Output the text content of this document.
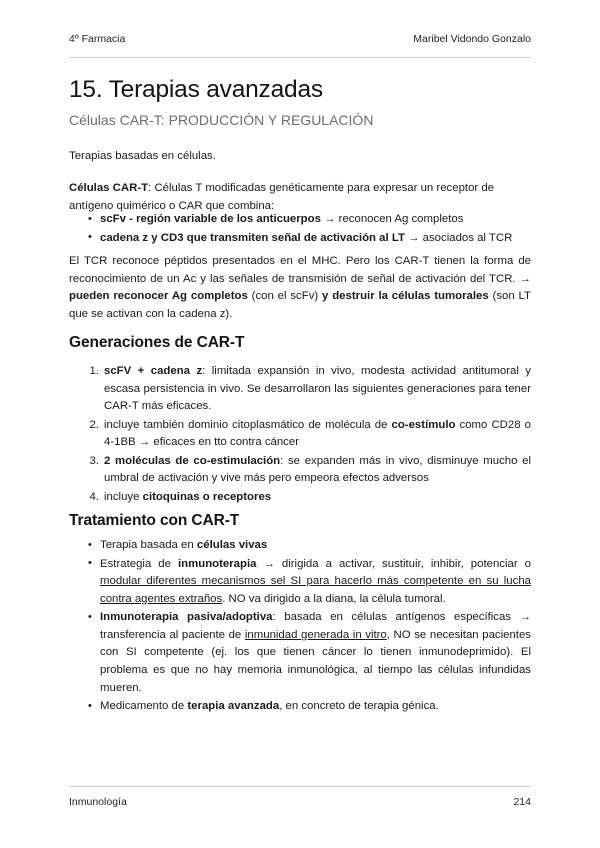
4º Farmacia	Maribel Vidondo Gonzalo
15. Terapias avanzadas
Células CAR-T: PRODUCCIÓN Y REGULACIÓN
Terapias basadas en células.
Células CAR-T: Células T modificadas genéticamente para expresar un receptor de antígeno quimérico o CAR que combina:
• scFv - región variable de los anticuerpos → reconocen Ag completos
• cadena z y CD3 que transmiten señal de activación al LT → asociados al TCR
El TCR reconoce péptidos presentados en el MHC. Pero los CAR-T tienen la forma de reconocimiento de un Ac y las señales de transmisión de señal de activación del TCR. → pueden reconocer Ag completos (con el scFv) y destruir la células tumorales (son LT que se activan con la cadena z).
Generaciones de CAR-T
scFV + cadena z: limitada expansión in vivo, modesta actividad antitumoral y escasa persistencia in vivo. Se desarrollaron las siguientes generaciones para tener CAR-T más eficaces.
incluye también dominio citoplasmático de molécula de co-estímulo como CD28 o 4-1BB → eficaces en tto contra cáncer
2 moléculas de co-estimulación: se expanden más in vivo, disminuye mucho el umbral de activación y vive más pero empeora efectos adversos
incluye citoquinas o receptores
Tratamiento con CAR-T
• Terapia basada en células vivas
• Estrategia de inmunoterapia → dirigida a activar, sustituir, inhibir, potenciar o modular diferentes mecanismos sel SI para hacerlo más competente en su lucha contra agentes extraños. NO va dirigido a la diana, la célula tumoral.
• Inmunoterapia pasiva/adoptiva: basada en células antígenos específicas → transferencia al paciente de inmunidad generada in vitro, NO se necesitan pacientes con SI competente (ej. los que tienen cáncer lo tienen inmunodeprimido). El problema es que no hay memoria inmunológica, al tiempo las células infundidas mueren.
• Medicamento de terapia avanzada, en concreto de terapia génica.
Inmunología	214
